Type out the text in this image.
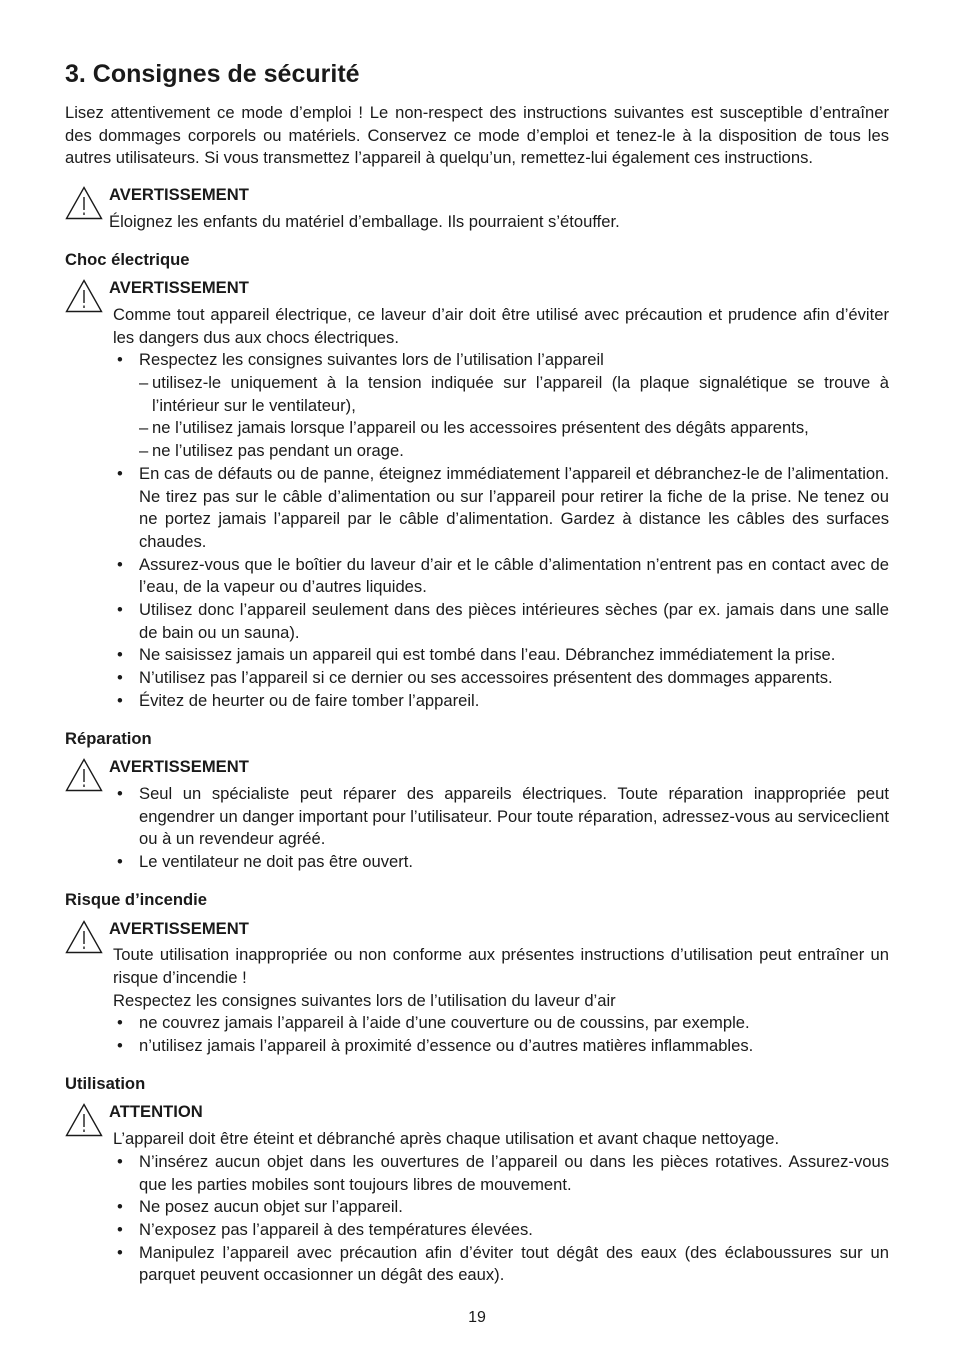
3. Consignes de sécurité

Lisez attentivement ce mode d’emploi ! Le non-respect des instructions suivantes est susceptible d’entraîner des dommages corporels ou matériels. Conservez ce mode d’emploi et tenez-le à la disposition de tous les autres utilisateurs. Si vous transmettez l’appareil à quelqu’un, remettez-lui également ces instructions.

AVERTISSEMENT

Éloignez les enfants du matériel d’emballage. Ils pourraient s’étouffer.

Choc électrique
AVERTISSEMENT

Comme tout appareil électrique, ce laveur d’air doit être utilisé avec précaution et prudence afin d’éviter les dangers dus aux chocs électriques.

• Respectez les consignes suivantes lors de l’utilisation l’appareil
– utilisez-le uniquement à la tension indiquée sur l’appareil (la plaque signalétique se trouve à l’intérieur sur le ventilateur),
– ne l’utilisez jamais lorsque l’appareil ou les accessoires présentent des dégâts apparents,
– ne l’utilisez pas pendant un orage.
• En cas de défauts ou de panne, éteignez immédiatement l’appareil et débranchez-le de l’alimentation. Ne tirez pas sur le câble d’alimentation ou sur l’appareil pour retirer la fiche de la prise. Ne tenez ou ne portez jamais l’appareil par le câble d’alimentation. Gardez à distance les câbles des surfaces chaudes.
• Assurez-vous que le boîtier du laveur d’air et le câble d’alimentation n’entrent pas en contact avec de l’eau, de la vapeur ou d’autres liquides.
• Utilisez donc l’appareil seulement dans des pièces intérieures sèches (par ex. jamais dans une salle de bain ou un sauna).
• Ne saisissez jamais un appareil qui est tombé dans l’eau. Débranchez immédiatement la prise.
• N’utilisez pas l’appareil si ce dernier ou ses accessoires présentent des dommages apparents.
• Évitez de heurter ou de faire tomber l’appareil.
Réparation
AVERTISSEMENT
• Seul un spécialiste peut réparer des appareils électriques. Toute réparation inappropriée peut engendrer un danger important pour l’utilisateur. Pour toute réparation, adressez-vous au serviceclient ou à un revendeur agréé.
• Le ventilateur ne doit pas être ouvert.
Risque d’incendie
AVERTISSEMENT

Toute utilisation inappropriée ou non conforme aux présentes instructions d’utilisation peut entraîner un risque d’incendie !

Respectez les consignes suivantes lors de l’utilisation du laveur d’air

• ne couvrez jamais l’appareil à l’aide d’une couverture ou de coussins, par exemple.
• n’utilisez jamais l’appareil à proximité d’essence ou d’autres matières inflammables.
Utilisation
ATTENTION

L’appareil doit être éteint et débranché après chaque utilisation et avant chaque nettoyage.

• N’insérez aucun objet dans les ouvertures de l’appareil ou dans les pièces rotatives. Assurez-vous que les parties mobiles sont toujours libres de mouvement.
• Ne posez aucun objet sur l’appareil.
• N’exposez pas l’appareil à des températures élevées.
• Manipulez l’appareil avec précaution afin d’éviter tout dégât des eaux (des éclaboussures sur un parquet peuvent occasionner un dégât des eaux).
19
